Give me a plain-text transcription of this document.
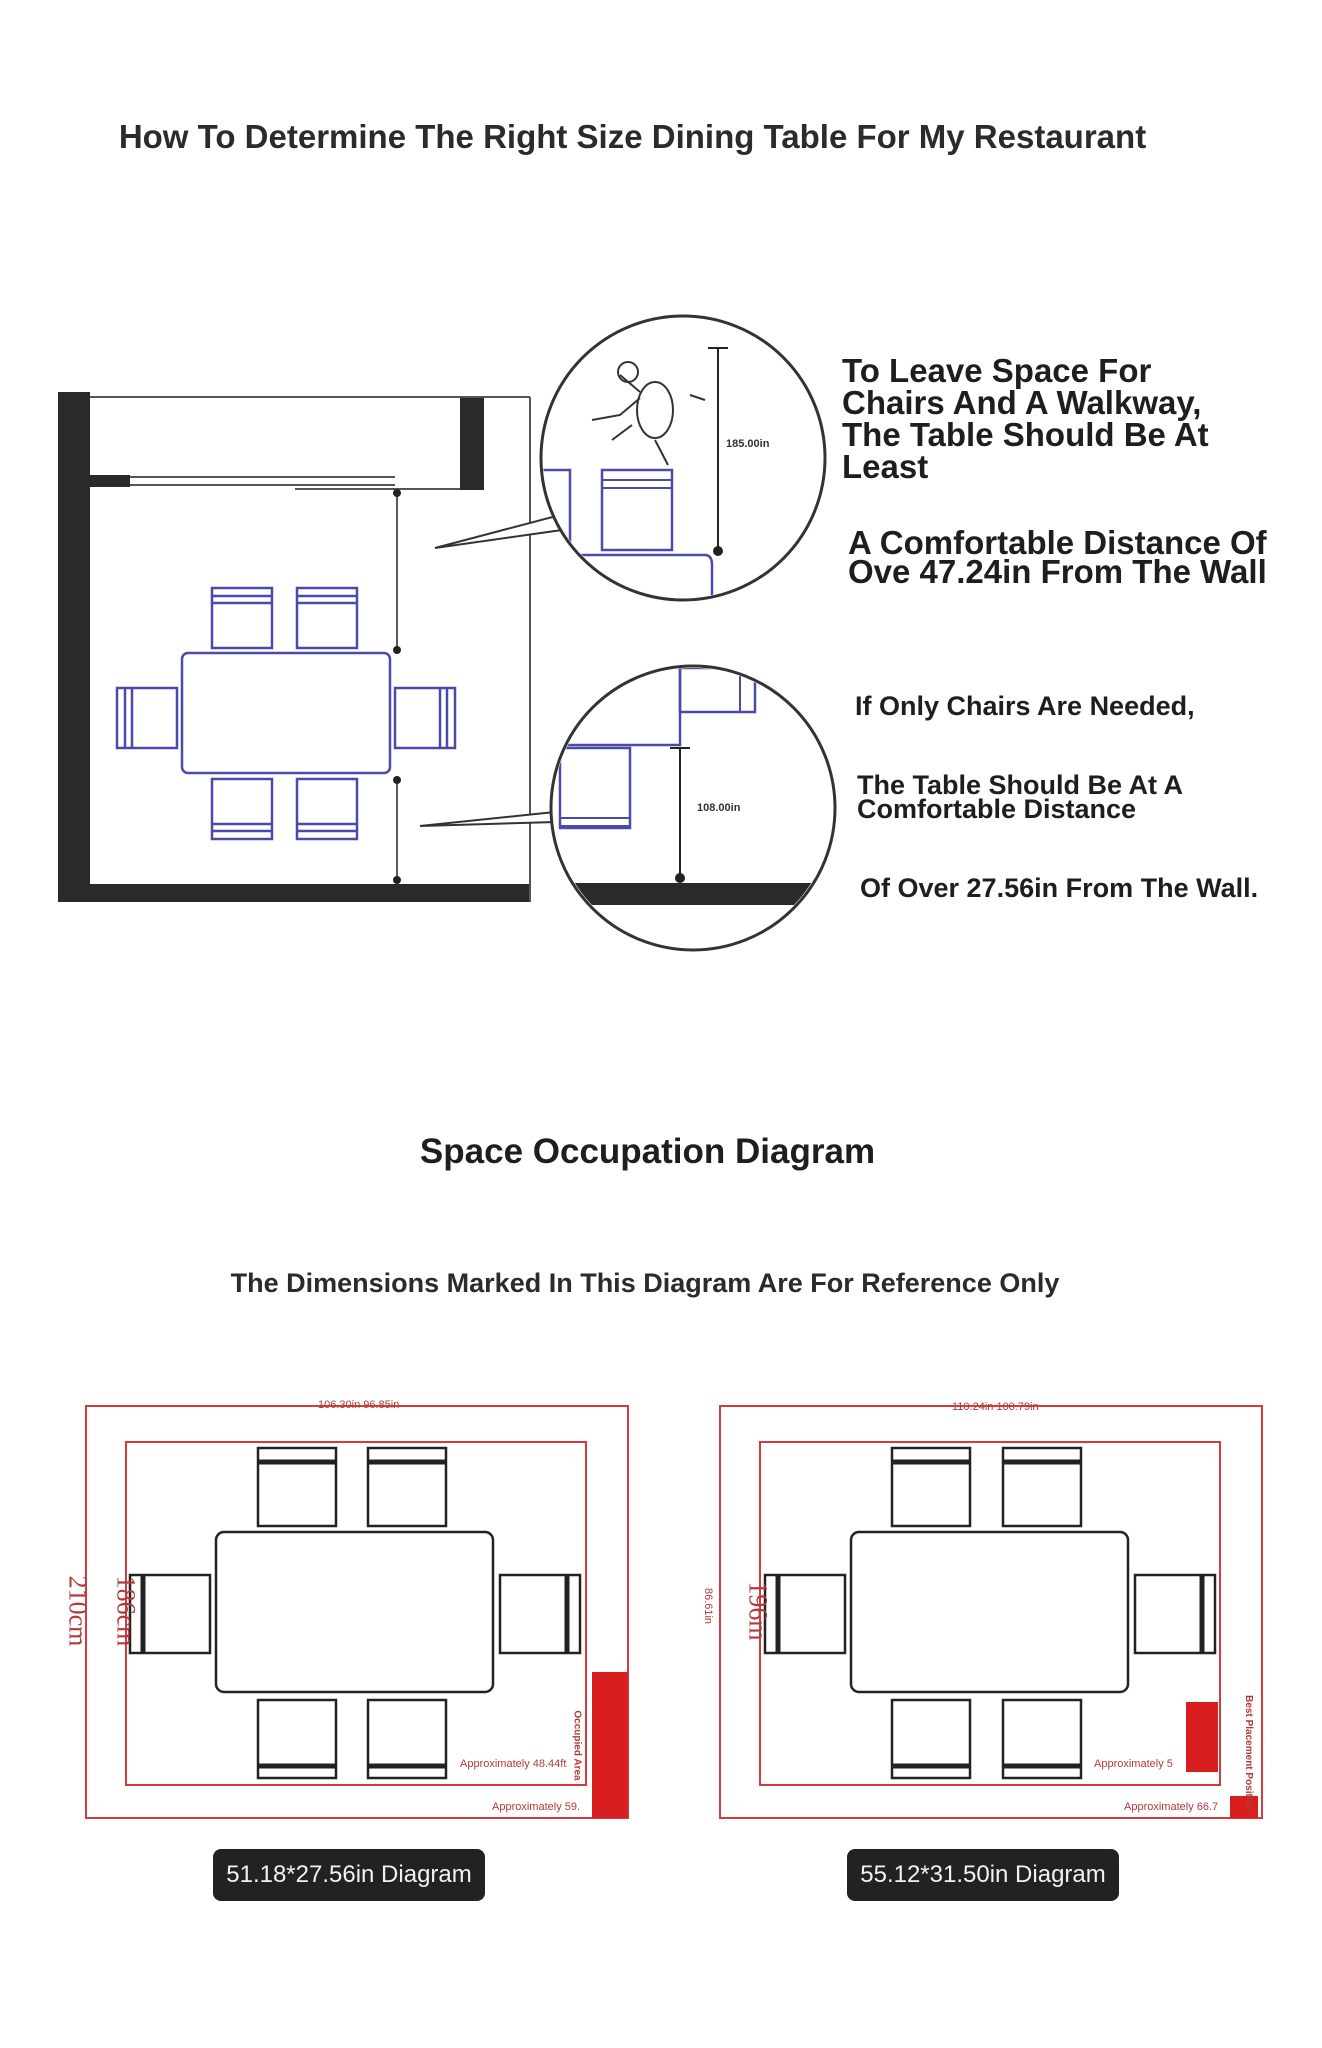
How To Determine The Right Size Dining Table For My Restaurant
185.00in
108.00in
To Leave Space For Chairs And A Walkway, The Table Should Be At Least
A Comfortable Distance Of Ove 47.24in From The Wall
If Only Chairs Are Needed,
The Table Should Be At A Comfortable Distance
Of Over 27.56in From The Wall.
Space Occupation Diagram
The Dimensions Marked In This Diagram Are For Reference Only
106.30in 96.85in
210cm 186cm
Approximately 48.44ft
Approximately 59.
Occupied Area
110.24in 100.79in
86.61in 196m
Approximately 5
Approximately 66.7 Best Placement Position
51.18*27.56in Diagram	55.12*31.50in Diagram
